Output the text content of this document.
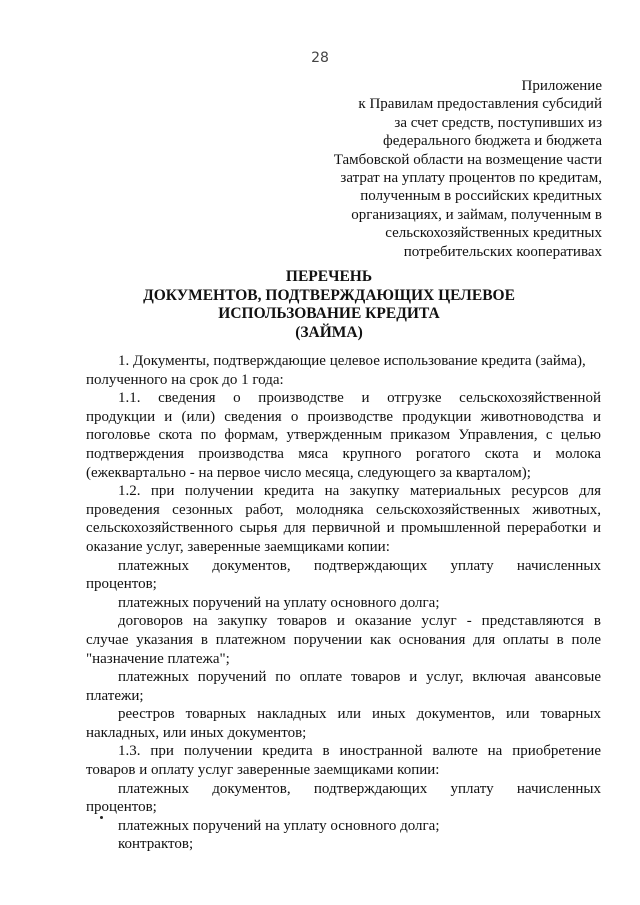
28
Приложение
к Правилам предоставления субсидий
за счет средств, поступивших из
федерального бюджета и бюджета
Тамбовской области на возмещение части
затрат на уплату процентов по кредитам,
полученным в российских кредитных
организациях, и займам, полученным в
сельскохозяйственных кредитных
потребительских кооперативах
ПЕРЕЧЕНЬ
ДОКУМЕНТОВ, ПОДТВЕРЖДАЮЩИХ ЦЕЛЕВОЕ
ИСПОЛЬЗОВАНИЕ КРЕДИТА
(ЗАЙМА)
1. Документы, подтверждающие целевое использование кредита (займа),
полученного на срок до 1 года:
1.1. сведения о производстве и отгрузке сельскохозяйственной
продукции и (или) сведения о производстве продукции животноводства и
поголовье скота по формам, утвержденным приказом Управления, с целью
подтверждения производства мяса крупного рогатого скота и молока
(ежеквартально - на первое число месяца, следующего за кварталом);
1.2. при получении кредита на закупку материальных ресурсов для
проведения сезонных работ, молодняка сельскохозяйственных животных,
сельскохозяйственного сырья для первичной и промышленной переработки и
оказание услуг, заверенные заемщиками копии:
платежных документов, подтверждающих уплату начисленных
процентов;
платежных поручений на уплату основного долга;
договоров на закупку товаров и оказание услуг - представляются в
случае указания в платежном поручении как основания для оплаты в поле
"назначение платежа";
платежных поручений по оплате товаров и услуг, включая авансовые
платежи;
реестров товарных накладных или иных документов, или товарных
накладных, или иных документов;
1.3. при получении кредита в иностранной валюте на приобретение
товаров и оплату услуг заверенные заемщиками копии:
платежных документов, подтверждающих уплату начисленных
процентов;
платежных поручений на уплату основного долга;
контрактов;
